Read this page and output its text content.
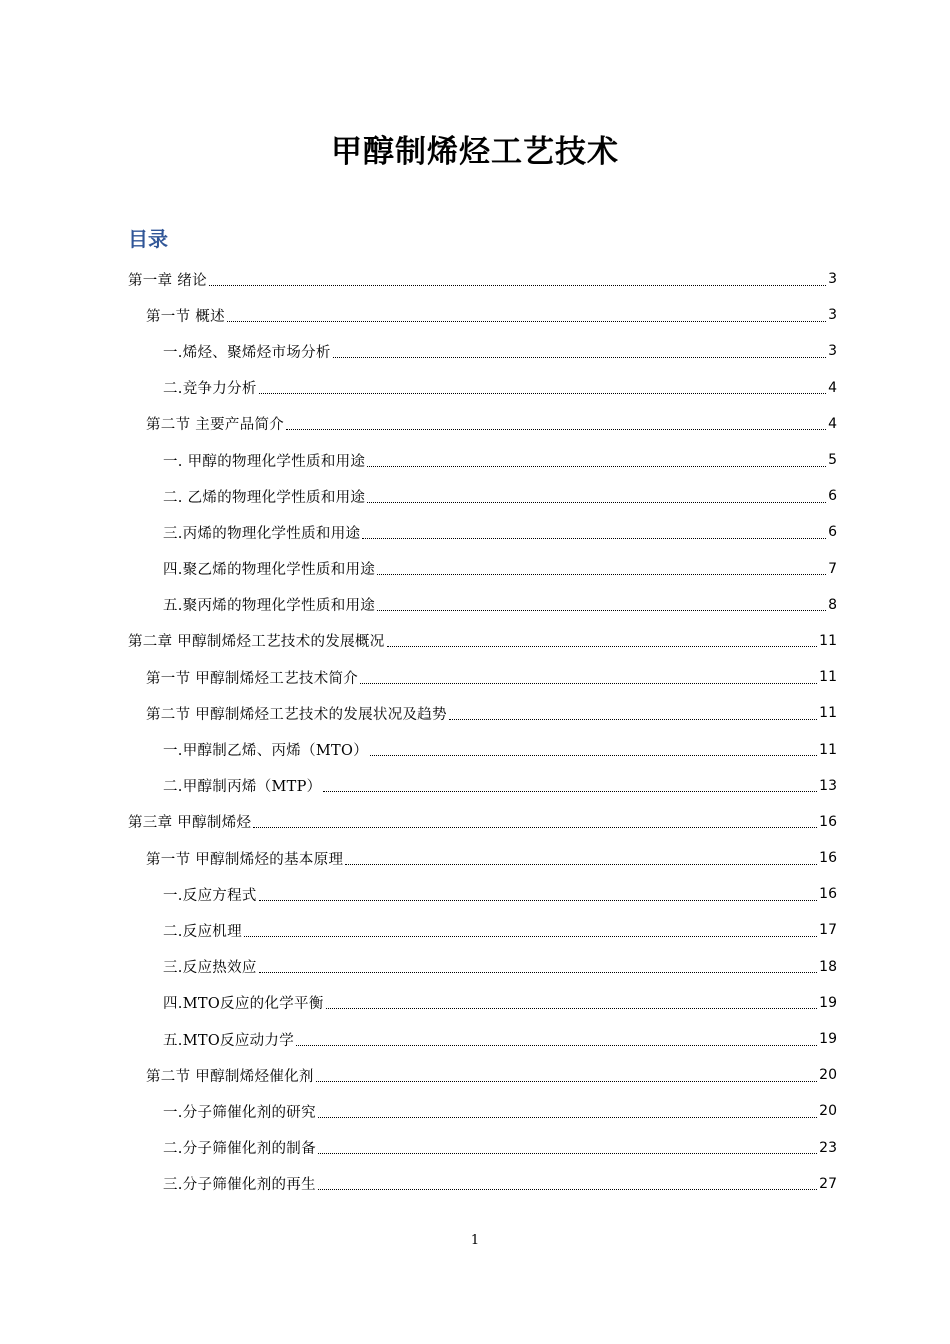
甲醇制烯烃工艺技术
目录
第一章 绪论	3
第一节 概述	3
一.烯烃、聚烯烃市场分析	3
二.竞争力分析	4
第二节 主要产品简介	4
一. 甲醇的物理化学性质和用途	5
二. 乙烯的物理化学性质和用途	6
三.丙烯的物理化学性质和用途	6
四.聚乙烯的物理化学性质和用途	7
五.聚丙烯的物理化学性质和用途	8
第二章 甲醇制烯烃工艺技术的发展概况	11
第一节 甲醇制烯烃工艺技术简介	11
第二节 甲醇制烯烃工艺技术的发展状况及趋势	11
一.甲醇制乙烯、丙烯（MTO）	11
二.甲醇制丙烯（MTP）	13
第三章 甲醇制烯烃	16
第一节 甲醇制烯烃的基本原理	16
一.反应方程式	16
二.反应机理	17
三.反应热效应	18
四.MTO反应的化学平衡	19
五.MTO反应动力学	19
第二节 甲醇制烯烃催化剂	20
一.分子筛催化剂的研究	20
二.分子筛催化剂的制备	23
三.分子筛催化剂的再生	27
1
